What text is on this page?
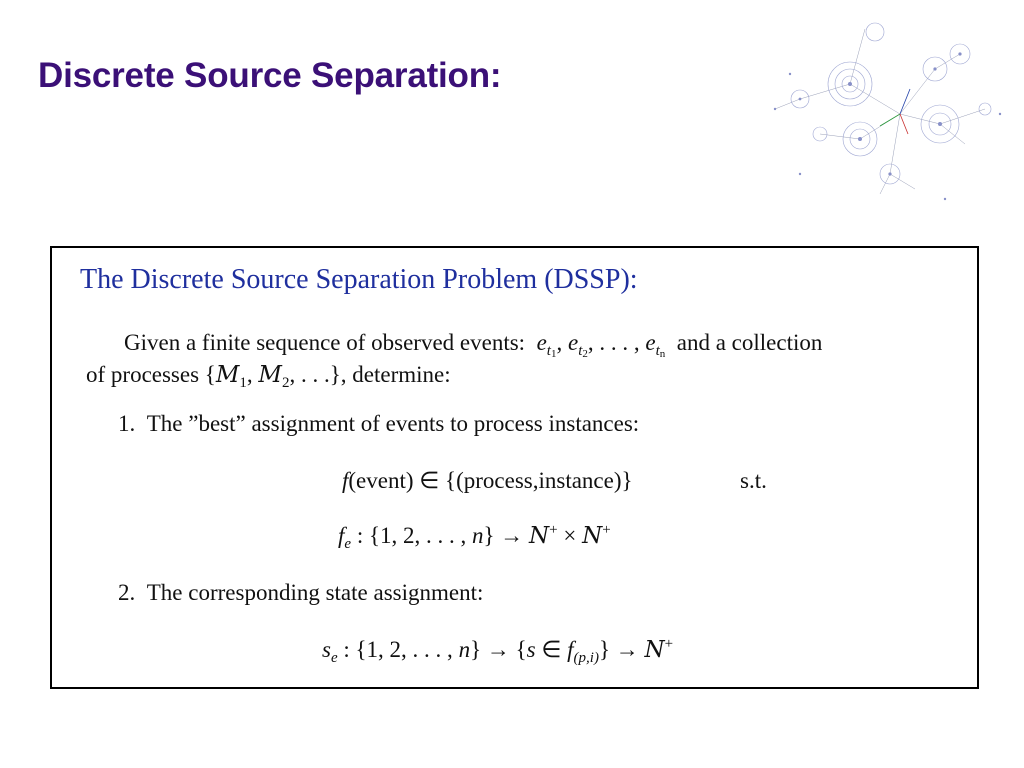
Discrete Source Separation:
The Discrete Source Separation Problem (DSSP):
Given a finite sequence of observed events: $e_{t1}$, $e_{t2}$, . . . , $e_{tn}$ and a collection
of processes {$M_1$, $M_2$, . . .}, determine:
1. The ”best” assignment of events to process instances:
f(event) ∈ {(process,instance)}	s.t.
$f_e$ : {1, 2, . . . , n} → N+ × N+
2. The corresponding state assignment:
$s_e$ : {1, 2, . . . , n} → {s ∈ $f_{(p,i)}\} \to N^+$
